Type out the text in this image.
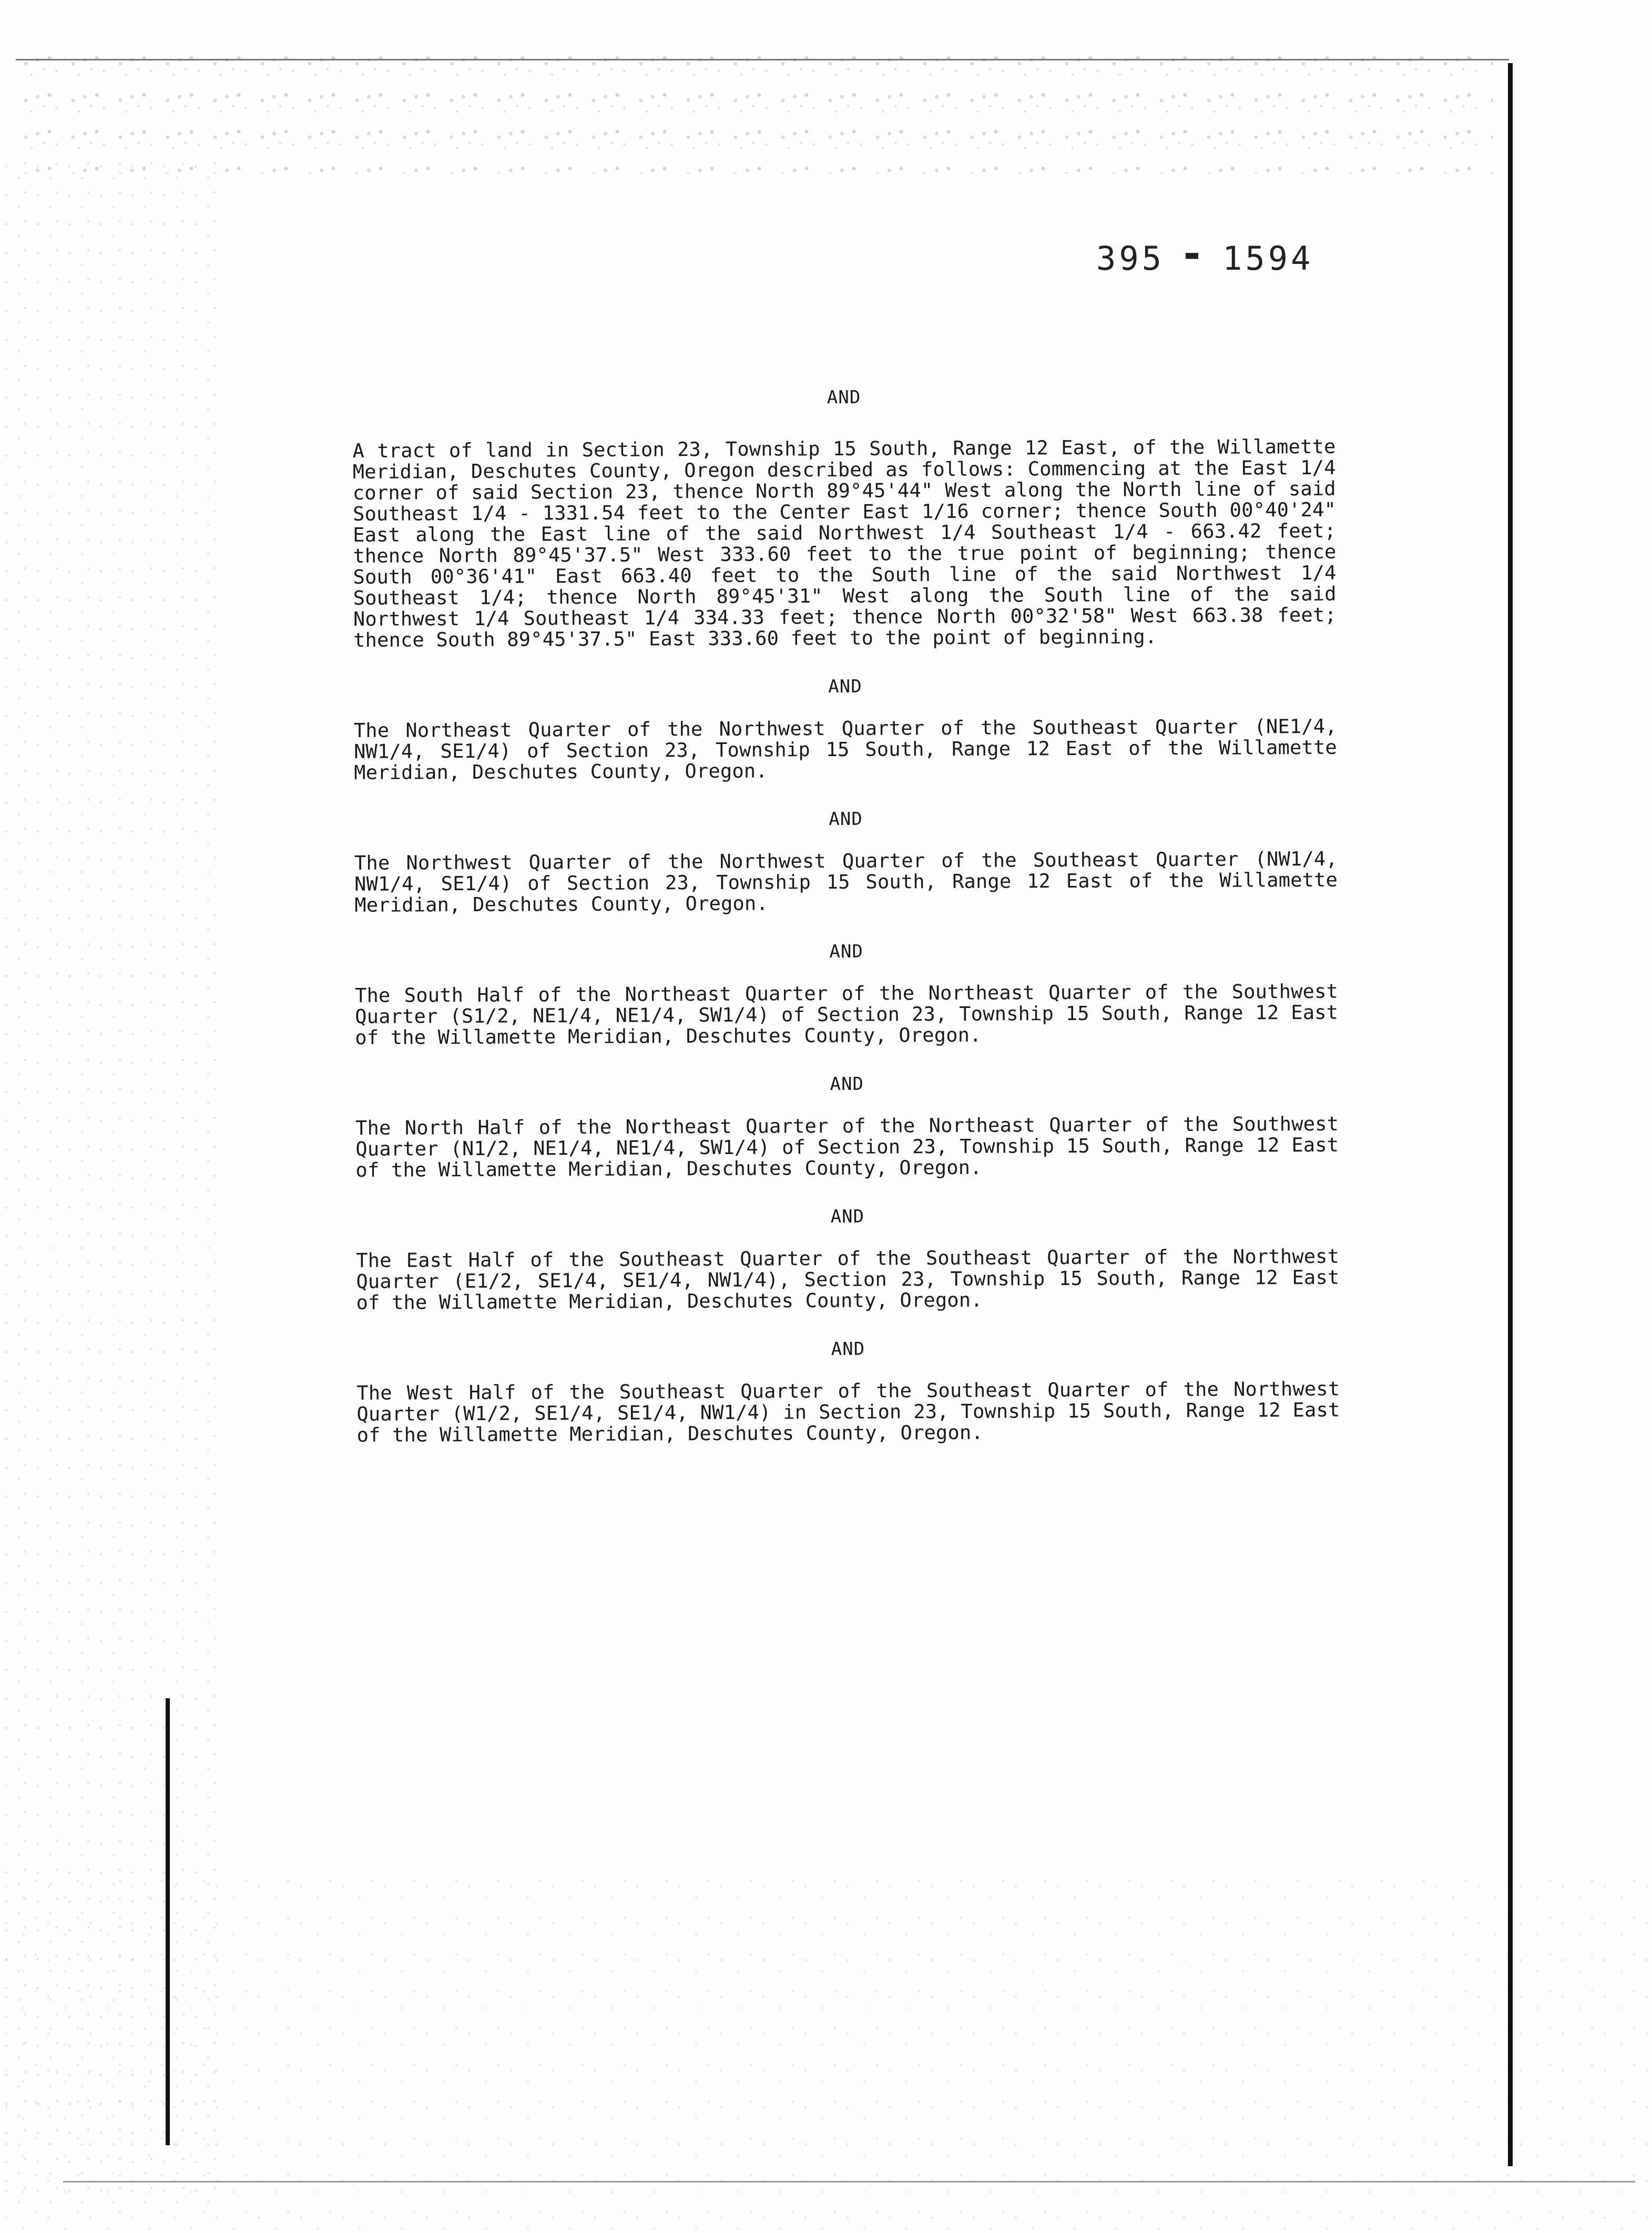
395 ▬ 1594

AND

A tract of land in Section 23, Township 15 South, Range 12 East, of the Willamette Meridian, Deschutes County, Oregon described as follows: Commencing at the East 1/4 corner of said Section 23, thence North 89°45'44" West along the North line of said Southeast 1/4 - 1331.54 feet to the Center East 1/16 corner; thence South 00°40'24" East along the East line of the said Northwest 1/4 Southeast 1/4 - 663.42 feet; thence North 89°45'37.5" West 333.60 feet to the true point of beginning; thence South 00°36'41" East 663.40 feet to the South line of the said Northwest 1/4 Southeast 1/4; thence North 89°45'31" West along the South line of the said Northwest 1/4 Southeast 1/4 334.33 feet; thence North 00°32'58" West 663.38 feet; thence South 89°45'37.5" East 333.60 feet to the point of beginning.

AND

The Northeast Quarter of the Northwest Quarter of the Southeast Quarter (NE1/4, NW1/4, SE1/4) of Section 23, Township 15 South, Range 12 East of the Willamette Meridian, Deschutes County, Oregon.

AND

The Northwest Quarter of the Northwest Quarter of the Southeast Quarter (NW1/4, NW1/4, SE1/4) of Section 23, Township 15 South, Range 12 East of the Willamette Meridian, Deschutes County, Oregon.

AND

The South Half of the Northeast Quarter of the Northeast Quarter of the Southwest Quarter (S1/2, NE1/4, NE1/4, SW1/4) of Section 23, Township 15 South, Range 12 East of the Willamette Meridian, Deschutes County, Oregon.

AND

The North Half of the Northeast Quarter of the Northeast Quarter of the Southwest Quarter (N1/2, NE1/4, NE1/4, SW1/4) of Section 23, Township 15 South, Range 12 East of the Willamette Meridian, Deschutes County, Oregon.

AND

The East Half of the Southeast Quarter of the Southeast Quarter of the Northwest Quarter (E1/2, SE1/4, SE1/4, NW1/4), Section 23, Township 15 South, Range 12 East of the Willamette Meridian, Deschutes County, Oregon.

AND

The West Half of the Southeast Quarter of the Southeast Quarter of the Northwest Quarter (W1/2, SE1/4, SE1/4, NW1/4) in Section 23, Township 15 South, Range 12 East of the Willamette Meridian, Deschutes County, Oregon.
